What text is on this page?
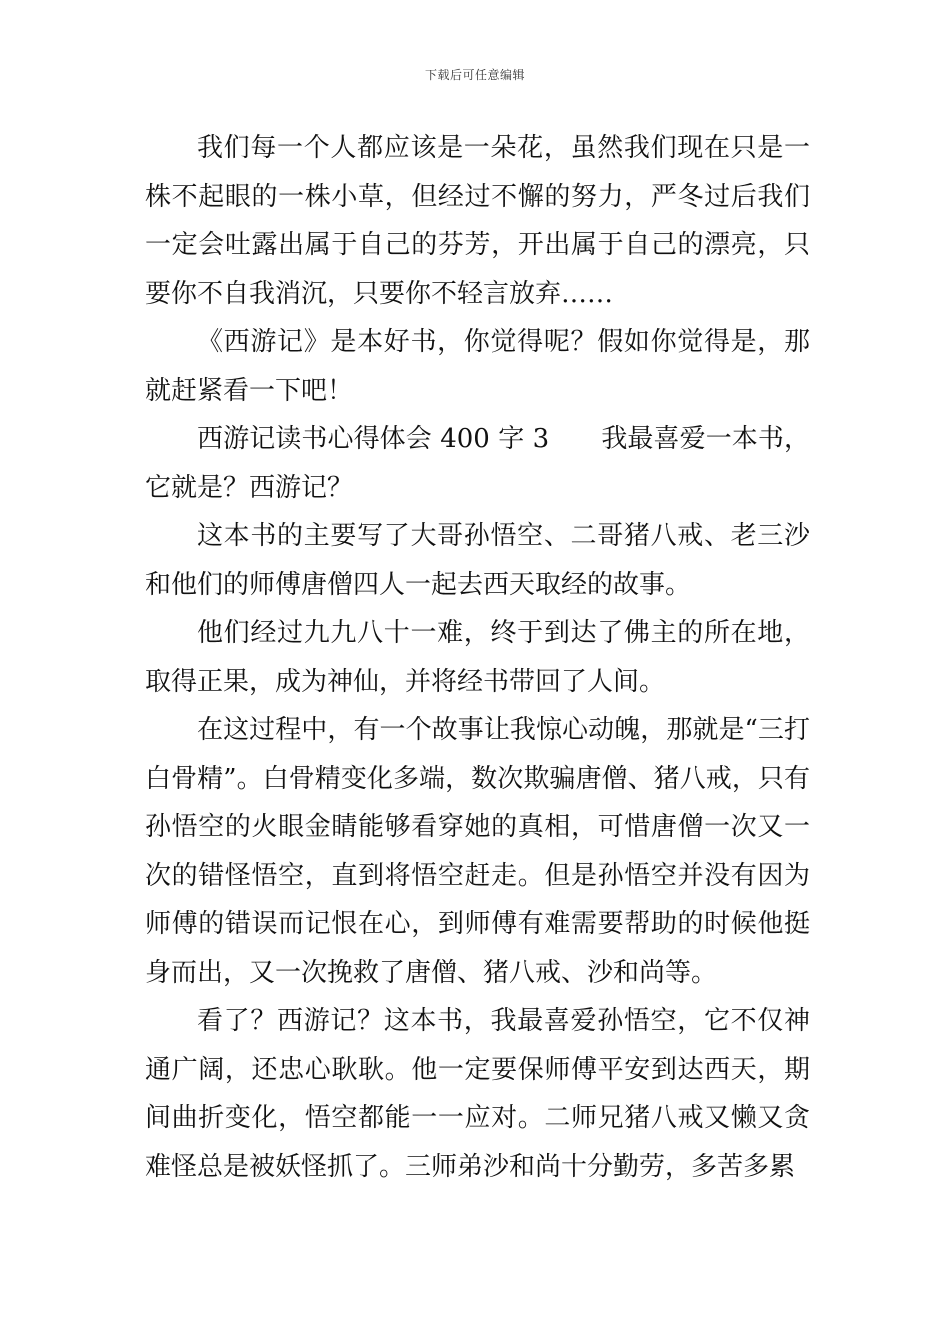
下载后可任意编辑

我们每一个人都应该是一朵花，虽然我们现在只是一株不起眼的一株小草，但经过不懈的努力，严冬过后我们一定会吐露出属于自己的芬芳，开出属于自己的漂亮，只要你不自我消沉，只要你不轻言放弃……

《西游记》是本好书，你觉得呢？假如你觉得是，那就赶紧看一下吧！

西游记读书心得体会 400 字 3 我最喜爱一本书，它就是？西游记？

这本书的主要写了大哥孙悟空、二哥猪八戒、老三沙和他们的师傅唐僧四人一起去西天取经的故事。

他们经过九九八十一难，终于到达了佛主的所在地，取得正果，成为神仙，并将经书带回了人间。

在这过程中，有一个故事让我惊心动魄，那就是“三打白骨精”。白骨精变化多端，数次欺骗唐僧、猪八戒，只有孙悟空的火眼金睛能够看穿她的真相，可惜唐僧一次又一次的错怪悟空，直到将悟空赶走。但是孙悟空并没有因为师傅的错误而记恨在心，到师傅有难需要帮助的时候他挺身而出，又一次挽救了唐僧、猪八戒、沙和尚等。

看了？西游记？这本书，我最喜爱孙悟空，它不仅神通广阔，还忠心耿耿。他一定要保师傅平安到达西天，期间曲折变化，悟空都能一一应对。二师兄猪八戒又懒又贪难怪总是被妖怪抓了。三师弟沙和尚十分勤劳，多苦多累
